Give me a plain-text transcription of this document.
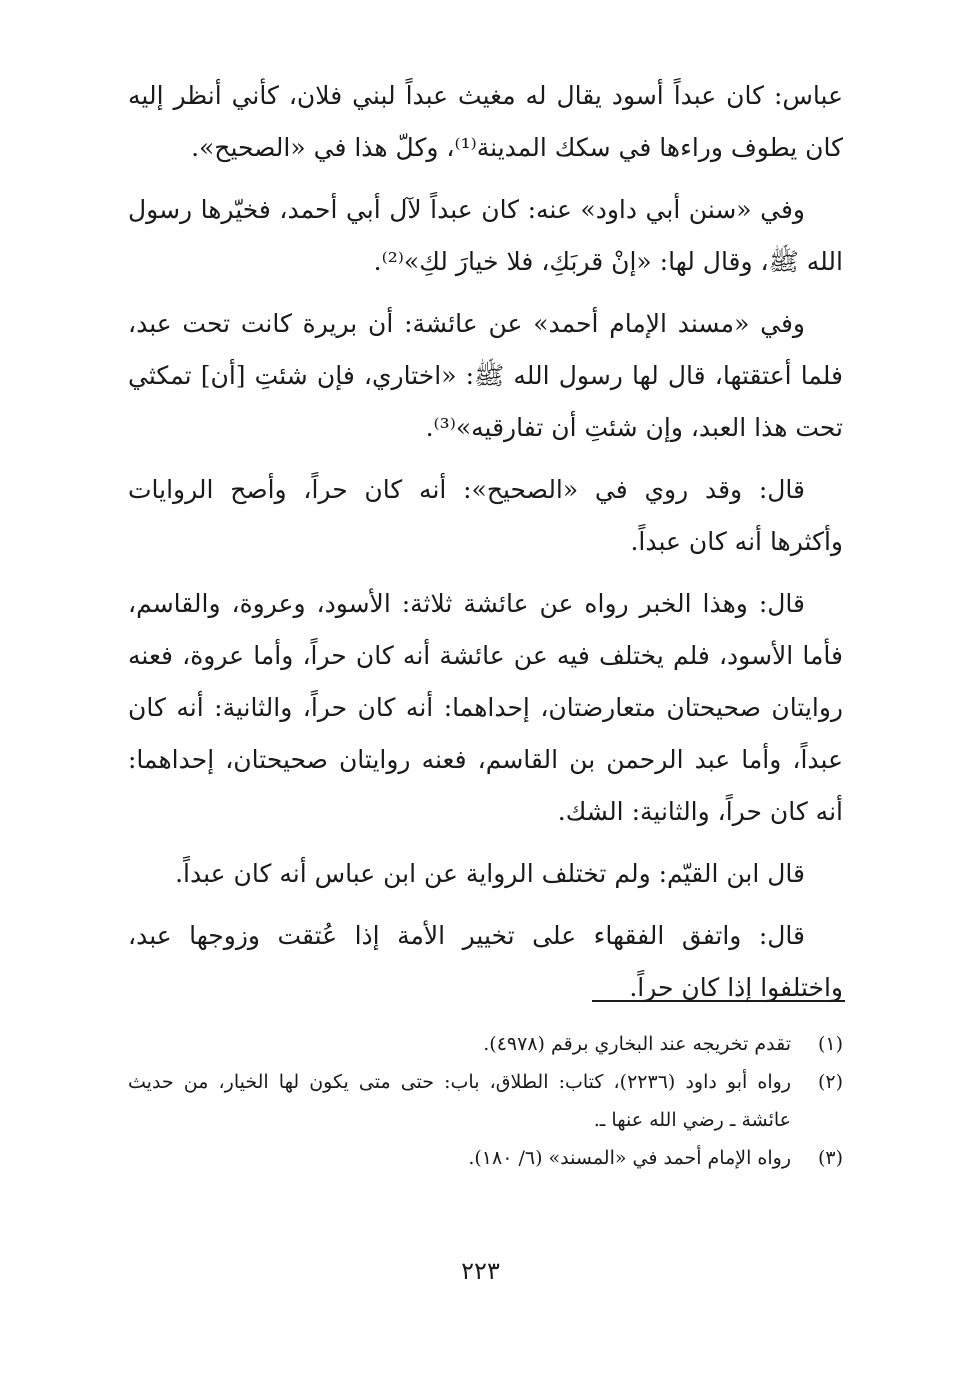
عباس: كان عبداً أسود يقال له مغيث عبداً لبني فلان، كأني أنظر إليه كان يطوف وراءها في سكك المدينة⁽¹⁾، وكلّ هذا في «الصحيح».

وفي «سنن أبي داود» عنه: كان عبداً لآل أبي أحمد، فخيّرها رسول الله ﷺ، وقال لها: «إنْ قربَكِ، فلا خيارَ لكِ»⁽²⁾.

وفي «مسند الإمام أحمد» عن عائشة: أن بريرة كانت تحت عبد، فلما أعتقتها، قال لها رسول الله ﷺ: «اختاري، فإن شئتِ [أن] تمكثي تحت هذا العبد، وإن شئتِ أن تفارقيه»⁽³⁾.

قال: وقد روي في «الصحيح»: أنه كان حراً، وأصح الروايات وأكثرها أنه كان عبداً.

قال: وهذا الخبر رواه عن عائشة ثلاثة: الأسود، وعروة، والقاسم، فأما الأسود، فلم يختلف فيه عن عائشة أنه كان حراً، وأما عروة، فعنه روايتان صحيحتان متعارضتان، إحداهما: أنه كان حراً، والثانية: أنه كان عبداً، وأما عبد الرحمن بن القاسم، فعنه روايتان صحيحتان، إحداهما: أنه كان حراً، والثانية: الشك.

قال ابن القيّم: ولم تختلف الرواية عن ابن عباس أنه كان عبداً.

قال: واتفق الفقهاء على تخيير الأمة إذا عُتقت وزوجها عبد، واختلفوا إذا كان حراً.

(١)
تقدم تخريجه عند البخاري برقم (٤٩٧٨).
(٢)
رواه أبو داود (٢٢٣٦)، كتاب: الطلاق، باب: حتى متى يكون لها الخيار، من حديث عائشة ـ رضي الله عنها ـ.
(٣)
رواه الإمام أحمد في «المسند» (٦/ ١٨٠).
٢٢٣
